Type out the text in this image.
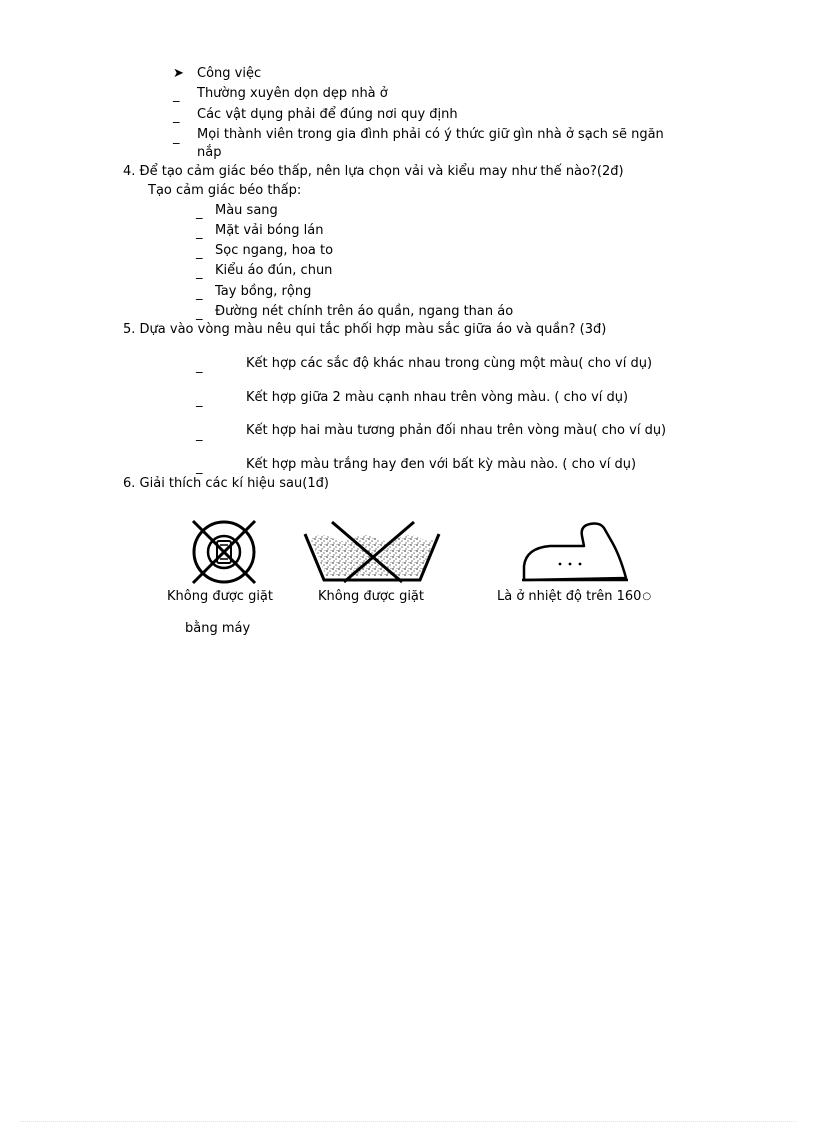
➤ Công việc
_ Thường xuyên dọn dẹp nhà ở
_ Các vật dụng phải để đúng nơi quy định
_ Mọi thành viên trong gia đình phải có ý thức giữ gìn nhà ở sạch sẽ ngăn
nắp
4. Để tạo cảm giác béo thấp, nên lựa chọn vải và kiểu may như thế nào?(2đ)
Tạo cảm giác béo thấp:
_ Màu sang
_ Mặt vải bóng lán
_ Sọc ngang, hoa to
_ Kiểu áo đún, chun
_ Tay bồng, rộng
_ Đường nét chính trên áo quần, ngang than áo
5. Dựa vào vòng màu nêu qui tắc phối hợp màu sắc giữa áo và quần? (3đ)
_	Kết hợp các sắc độ khác nhau trong cùng một màu( cho ví dụ)
_	Kết hợp giữa 2 màu cạnh nhau trên vòng màu. ( cho ví dụ)
_	Kết hợp hai màu tương phản đối nhau trên vòng màu( cho ví dụ)
_	Kết hợp màu trắng hay đen với bất kỳ màu nào. ( cho ví dụ)
6. Giải thích các kí hiệu sau(1đ)
Không được giặt	Không được giặt	Là ở nhiệt độ trên 160○
bằng máy
